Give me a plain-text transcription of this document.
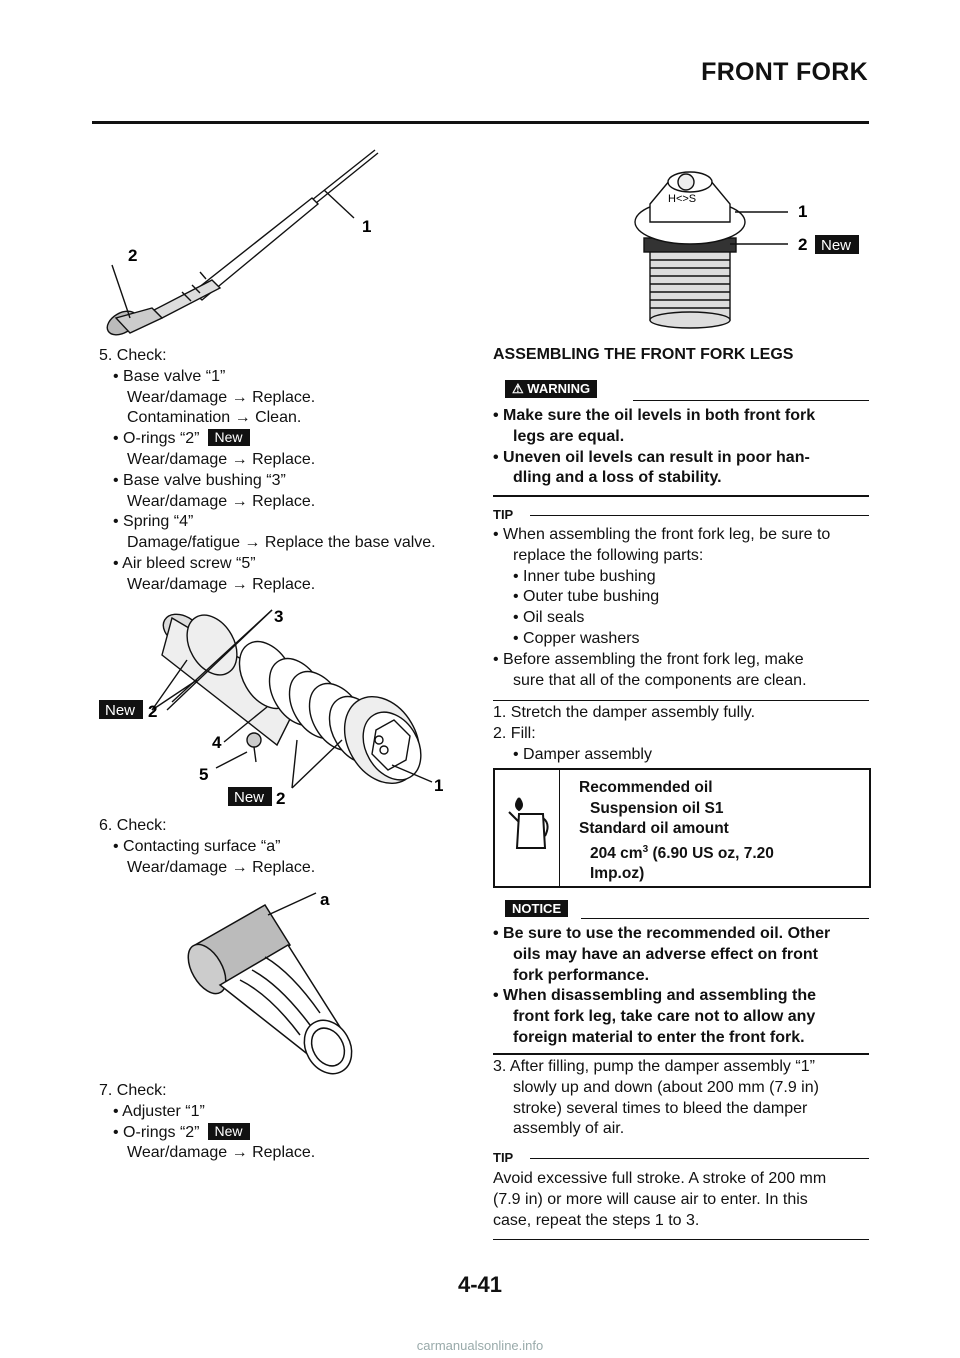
FRONT FORK
1
2
5. Check:
• Base valve “1”
Wear/damage → Replace.
Contamination → Clean.
• O-rings “2” New
Wear/damage → Replace.
• Base valve bushing “3”
Wear/damage → Replace.
• Spring “4”
Damage/fatigue → Replace the base valve.
• Air bleed screw “5”
Wear/damage → Replace.
3
New 2
4
5
New 2
1
6. Check:
• Contacting surface “a”
Wear/damage → Replace.
a
7. Check:
• Adjuster “1”
• O-rings “2” New
Wear/damage → Replace.
H<>S
1
2 New
ASSEMBLING THE FRONT FORK LEGS
⚠ WARNING
• Make sure the oil levels in both front fork
legs are equal.
• Uneven oil levels can result in poor han-
dling and a loss of stability.
TIP
• When assembling the front fork leg, be sure to
replace the following parts:
• Inner tube bushing
• Outer tube bushing
• Oil seals
• Copper washers
• Before assembling the front fork leg, make
sure that all of the components are clean.
1. Stretch the damper assembly fully.
2. Fill:
• Damper assembly
Recommended oil
Suspension oil S1
Standard oil amount
204 $cm^3$ (6.90 US oz, 7.20
Imp.oz)
NOTICE
• Be sure to use the recommended oil. Other
oils may have an adverse effect on front
fork performance.
• When disassembling and assembling the
front fork leg, take care not to allow any
foreign material to enter the front fork.
3. After filling, pump the damper assembly “1”
slowly up and down (about 200 mm (7.9 in)
stroke) several times to bleed the damper
assembly of air.
TIP
Avoid excessive full stroke. A stroke of 200 mm
(7.9 in) or more will cause air to enter. In this
case, repeat the steps 1 to 3.
4-41
carmanualsonline.info
